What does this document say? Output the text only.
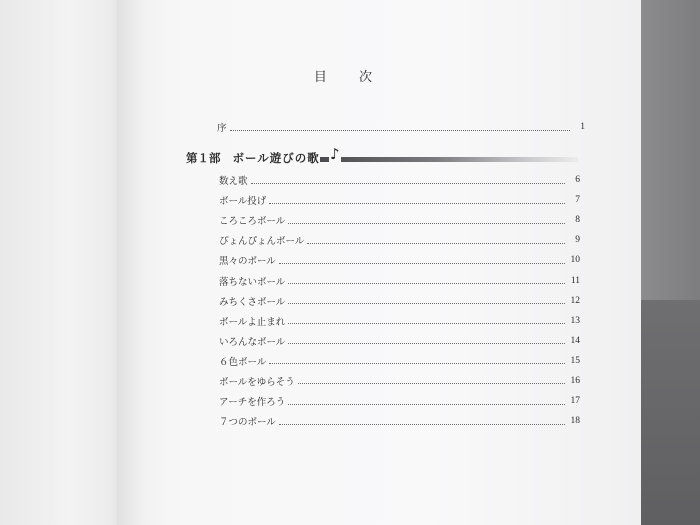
目 次
序	1
第１部 ボール遊びの歌 ♪
数え歌	6
ボール投げ	7
ころころボール	8
ぴょんぴょんボール	9
黒々のボール	10
落ちないボール	11
みちくさボール	12
ボールよ止まれ	13
いろんなボール	14
６色ボール	15
ボールをゆらそう	16
アーチを作ろう	17
７つのボール	18
